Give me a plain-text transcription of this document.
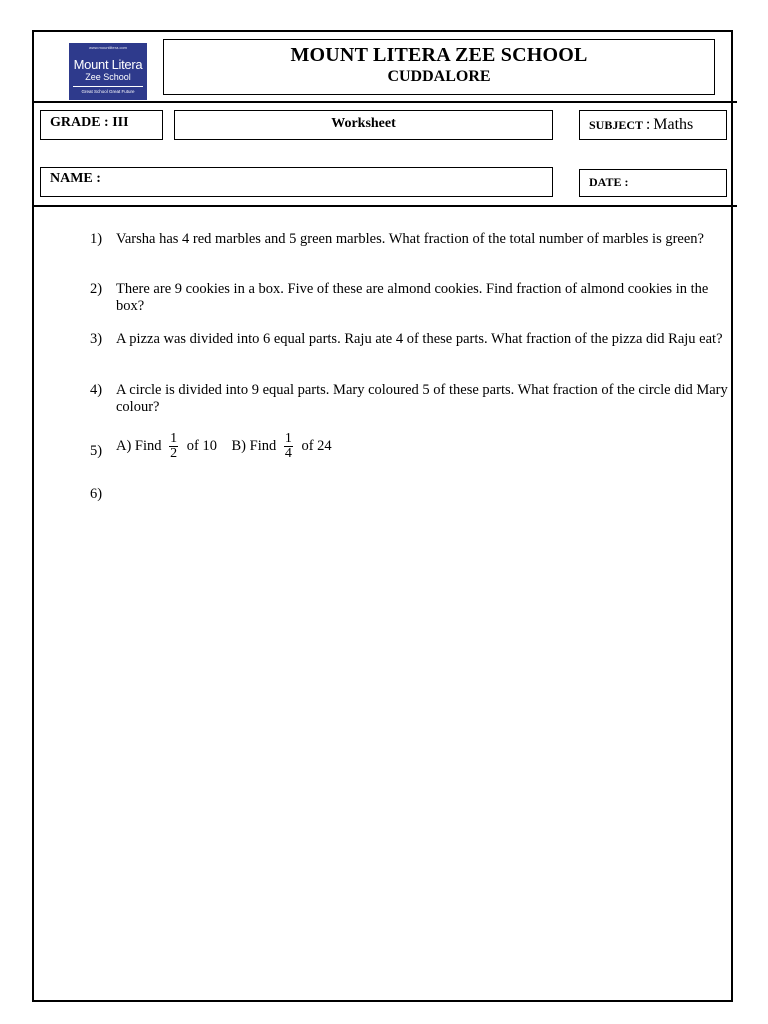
www.mountlitera.com
Mount Litera
Zee School
Great School Great Future
MOUNT LITERA ZEE SCHOOL
CUDDALORE
GRADE : III	Worksheet	SUBJECT : Maths
NAME :	DATE :
1) Varsha has 4 red marbles and 5 green marbles. What fraction of the total number of marbles is green?
2) There are 9 cookies in a box. Five of these are almond cookies. Find fraction of almond cookies in the box?
3) A pizza was divided into 6 equal parts. Raju ate 4 of these parts. What fraction of the pizza did Raju eat?
4) A circle is divided into 9 equal parts. Mary coloured 5 of these parts. What fraction of the circle did Mary colour?
5) A) Find $\frac{1}{2}$ of 10 B) Find $\frac{1}{4}$ of 24
6)
